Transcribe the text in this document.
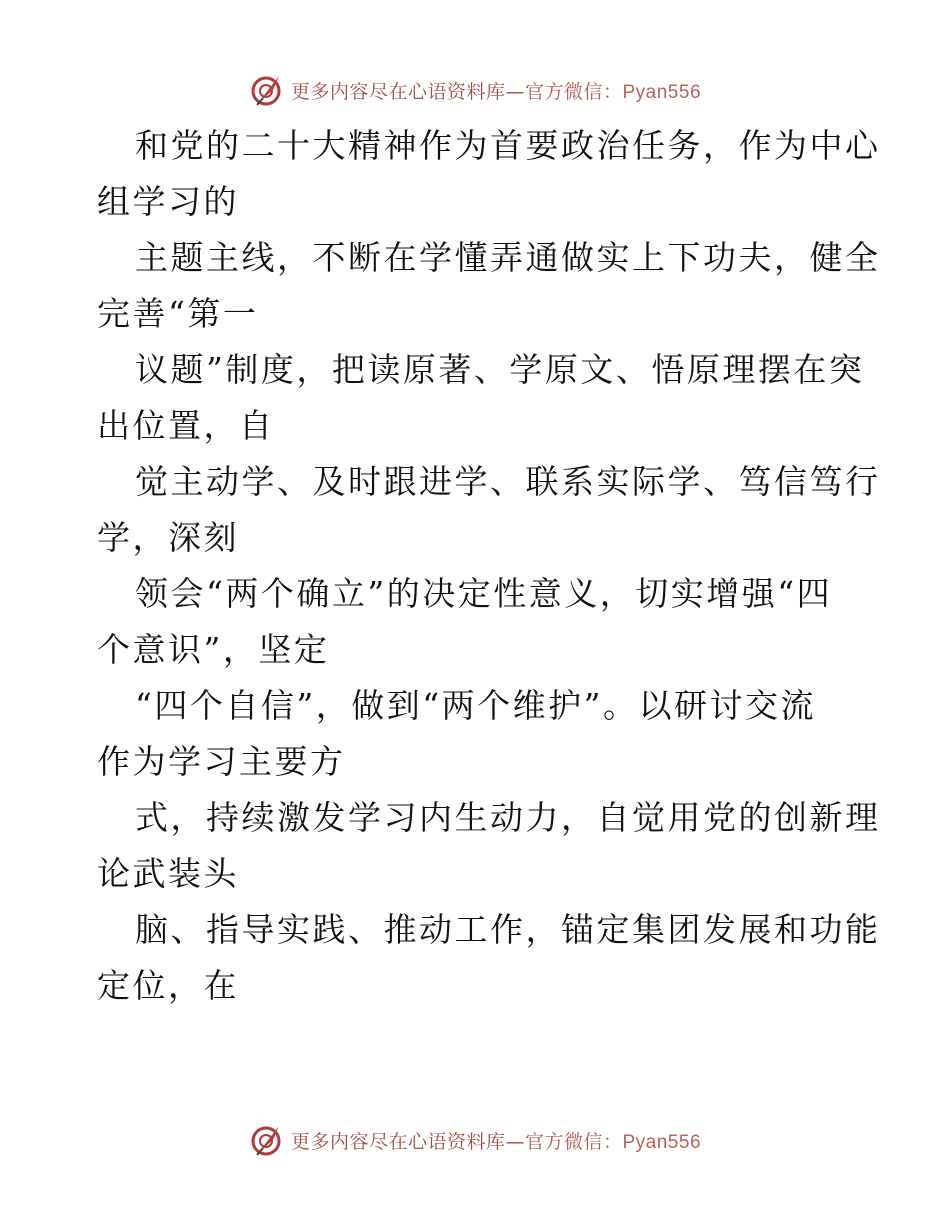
更多内容尽在心语资料库—官方微信：Pyan556
和党的二十大精神作为首要政治任务，作为中心
组学习的
主题主线，不断在学懂弄通做实上下功夫，健全
完善“第一
议题”制度，把读原著、学原文、悟原理摆在突
出位置，自
觉主动学、及时跟进学、联系实际学、笃信笃行
学，深刻
领会“两个确立”的决定性意义，切实增强“四
个意识”，坚定
“四个自信”，做到“两个维护”。以研讨交流
作为学习主要方
式，持续激发学习内生动力，自觉用党的创新理
论武装头
脑、指导实践、推动工作，锚定集团发展和功能
定位，在
更多内容尽在心语资料库—官方微信：Pyan556
